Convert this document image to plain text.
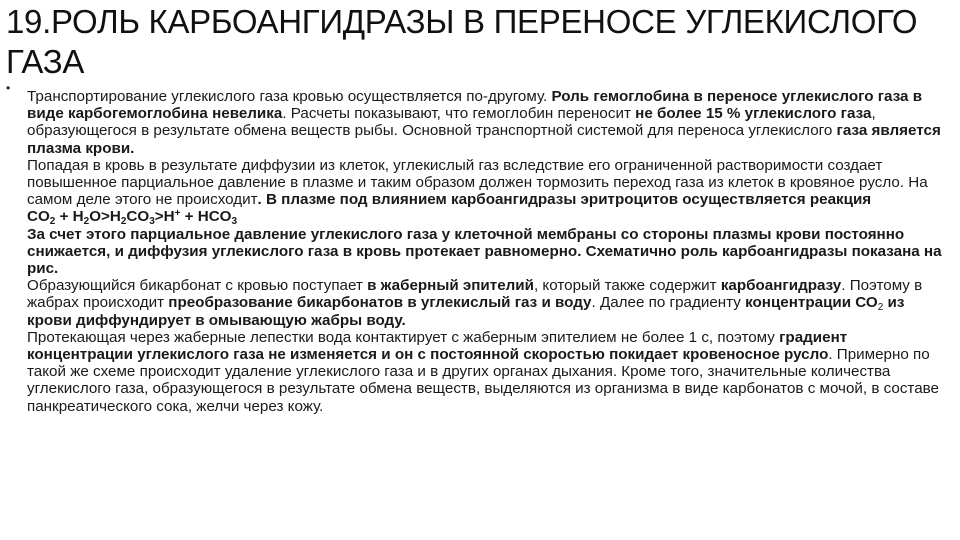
19.РОЛЬ КАРБОАНГИДРАЗЫ В ПЕРЕНОСЕ УГЛЕКИСЛОГО ГАЗА
• Транспортирование углекислого газа кровью осуществляется по-другому. Роль гемоглобина в переносе углекислого газа в виде карбогемоглобина невелика. Расчеты показывают, что гемоглобин переносит не более 15 % углекислого газа, образующегося в результате обмена веществ рыбы. Основной транспортной системой для переноса углекислого газа является плазма крови.

Попадая в кровь в результате диффузии из клеток, углекислый газ вследствие его ограниченной растворимости создает повышенное парциальное давление в плазме и таким образом должен тормозить переход газа из клеток в кровяное русло. На самом деле этого не происходит. В плазме под влиянием карбоангидразы эритроцитов осуществляется реакция

$CO_2 + H_2O>H_2CO_3>H^+ + HCO_3$

За счет этого парциальное давление углекислого газа у клеточной мембраны со стороны плазмы крови постоянно снижается, и диффузия углекислого газа в кровь протекает равномерно. Схематично роль карбоангидразы показана на рис.

Образующийся бикарбонат с кровью поступает в жаберный эпителий, который также содержит карбоангидразу. Поэтому в жабрах происходит преобразование бикарбонатов в углекислый газ и воду. Далее по градиенту концентрации $СО_2$ из крови диффундирует в омывающую жабры воду.

Протекающая через жаберные лепестки вода контактирует с жаберным эпителием не более 1 с, поэтому градиент концентрации углекислого газа не изменяется и он с постоянной скоростью покидает кровеносное русло. Примерно по такой же схеме происходит удаление углекислого газа и в других органах дыхания. Кроме того, значительные количества углекислого газа, образующегося в результате обмена веществ, выделяются из организма в виде карбонатов с мочой, в составе панкреатического сока, желчи через кожу.
